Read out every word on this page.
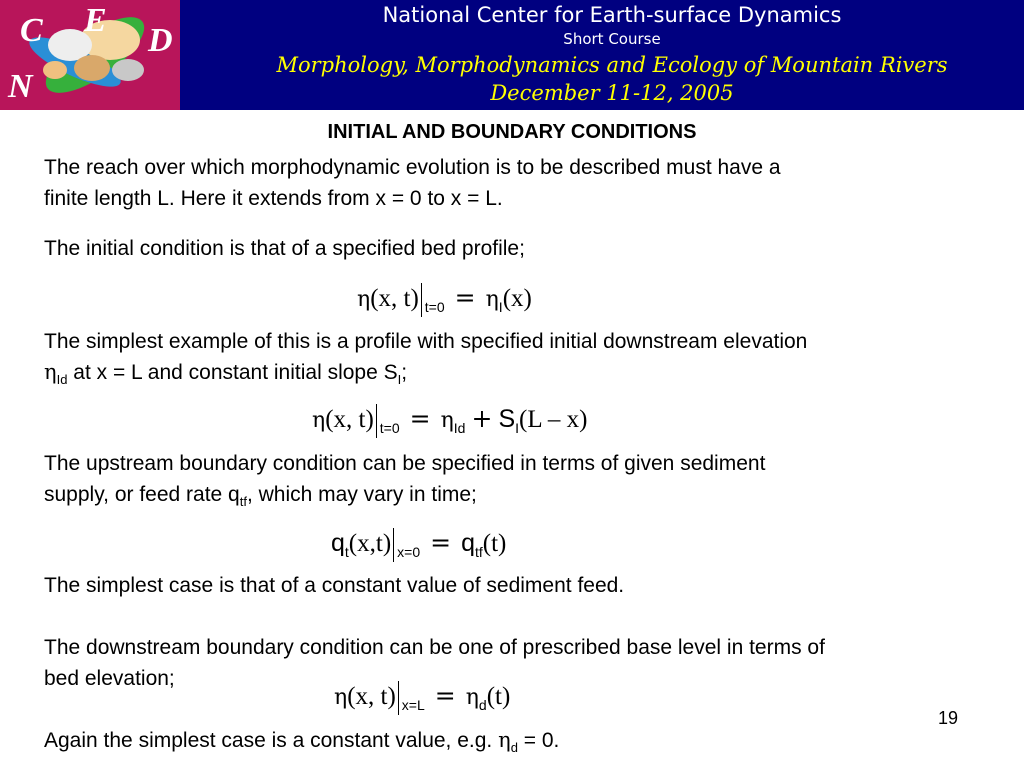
C E
D
N

National Center for Earth-surface Dynamics

Short Course

Morphology, Morphodynamics and Ecology of Mountain Rivers

December 11-12, 2005

INITIAL AND BOUNDARY CONDITIONS

The reach over which morphodynamic evolution is to be described must have a

finite length L. Here it extends from x = 0 to x = L.

The initial condition is that of a specified bed profile;

η(x, t) $_{t=0} = \eta_I(x)$

The simplest example of this is a profile with specified initial downstream elevation

$\eta_{Id}$ at x = L and constant initial slope $S_I$;

η(x, t) $_{t=0} = \eta_{Id} + S_I(L - x)$

The upstream boundary condition can be specified in terms of given sediment

supply, or feed rate $q_{tf}$, which may vary in time;

$q_t(x,t) _{x=0} = q_{tf}(t)$

The simplest case is that of a constant value of sediment feed.

The downstream boundary condition can be one of prescribed base level in terms of

bed elevation;

η(x, t) $_{x=L} = \eta_d(t)$

19

Again the simplest case is a constant value, e.g. $\eta_d = 0$.
